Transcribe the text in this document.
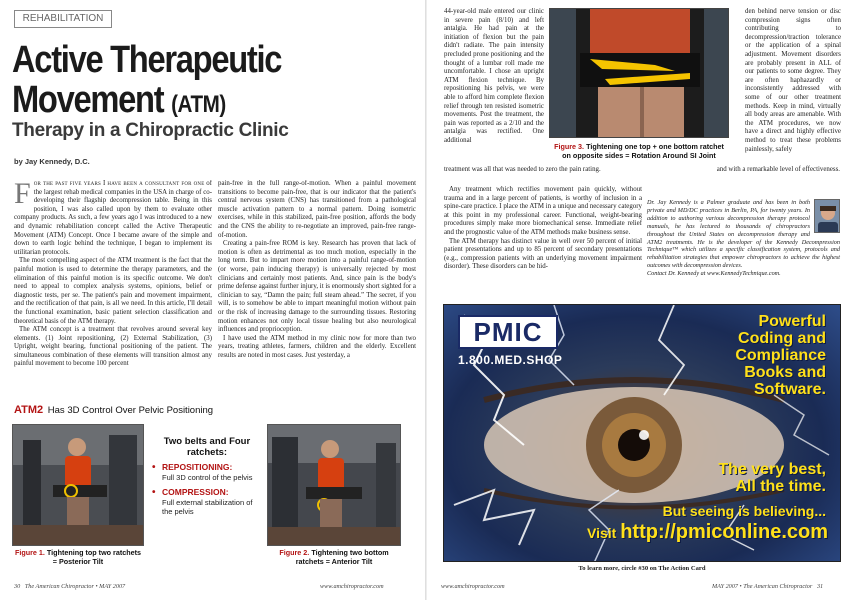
REHABILITATION
Active Therapeutic
Movement (ATM)
Therapy in a Chiropractic Clinic
by Jay Kennedy, D.C.

For the past five years I have been a consultant for one of the largest rehab medical companies in the USA in charge of co-developing their flagship decompression table. Being in this position, I was also called upon by them to evaluate other company products. As such, a few years ago I was introduced to a new and dynamic rehabilitation concept called the Active Therapeutic Movement (ATM) Concept. Once I became aware of the simple and down to earth logic behind the technique, I began to implement its utilitarian protocols.

The most compelling aspect of the ATM treatment is the fact that the painful motion is used to determine the therapy parameters, and the elimination of this painful motion is its specific outcome. We don't need to appeal to complex analysis systems, opinions, belief or diagnostic tests, per se. The patient's pain and movement impairment, and the rectification of that pain, is all we need. In this article, I'll detail the functional examination, basic patient selection classification and theoretical basis of the ATM therapy.

The ATM concept is a treatment that revolves around several key elements. (1) Joint repositioning, (2) External Stabilization, (3) Upright, weight bearing, functional positioning of the patient. The simultaneous combination of these elements will transition almost any painful movement to become 100 percent

pain-free in the full range-of-motion. When a painful movement transitions to become pain-free, that is our indicator that the patient's central nervous system (CNS) has transitioned from a pathological muscle activation pattern to a normal pattern. Doing isometric exercises, while in this stabilized, pain-free position, affords the body and the CNS the ability to re-negotiate an improved, pain-free range-of-motion.

Creating a pain-free ROM is key. Research has proven that lack of motion is often as detrimental as too much motion, especially in the long term. But to impart more motion into a painful range-of-motion (or worse, pain inducing therapy) is universally rejected by most clinicians and certainly most patients. And, since pain is the body's prime defense against further injury, it is enormously short sighted for a clinician to say, “Damn the pain; full steam ahead.” The secret, if you will, is to somehow be able to impart meaningful motion without pain or the risk of increasing damage to the surrounding tissues. Restoring motion enhances not only local tissue healing but also neurological influences and proprioception.

I have used the ATM method in my clinic now for more than two years, treating athletes, farmers, children and the elderly. Excellent results are noted in most cases. Just yesterday, a

ATM2 Has 3D Control Over Pelvic Positioning
Two belts and Four ratchets:
• REPOSITIONING:
Full 3D control of the pelvis
• COMPRESSION:
Full external stabilization of the pelvis
Figure 1. Tightening top two ratchets = Posterior Tilt
Figure 2. Tightening two bottom ratchets = Anterior Tilt
30 The American Chiropractor • MAY 2007	www.amchiropractor.com

44-year-old male entered our clinic in severe pain (8/10) and left antalgia. He had pain at the initiation of flexion but the pain didn't radiate. The pain intensity precluded prone positioning and the thought of a lumbar roll made me uncomfortable. I chose an upright ATM flexion technique. By repositioning his pelvis, we were able to afford him complete flexion relief through ten resisted isometric movements. Post the treatment, the pain was reported as a 2/10 and the antalgia was rectified. One additional

Figure 3. Tightening one top + one bottom ratchet on opposite sides = Rotation Around SI Joint

den behind nerve tension or disc compression signs often contributing to decompression/traction tolerance or the application of a spinal adjustment. Movement disorders are probably present in ALL of our patients to some degree. They are often haphazardly or inconsistently addressed with some of our other treatment methods. Keep in mind, virtually all body areas are amenable. With the ATM procedures, we now have a direct and highly effective method to treat these problems painlessly, safely

treatment was all that was needed to zero the pain rating.	and with a remarkable level of effectiveness.

Any treatment which rectifies movement pain quickly, without trauma and in a large percent of patients, is worthy of inclusion in a spine-care practice. I place the ATM in a unique and necessary category at this point in my professional career. Functional, weight-bearing procedures simply make more biomechanical sense. Immediate relief and the prognostic value of the ATM methods make business sense.

The ATM therapy has distinct value in well over 50 percent of initial patient presentations and up to 85 percent of secondary presentations (e.g., compression patients with an underlying movement impairment disorder). These disorders can be hid-

Dr. Jay Kennedy is a Palmer graduate and has been in both private and MD/DC practices in Berlin, PA, for twenty years. In addition to authoring various decompression therapy protocol manuals, he has lectured to thousands of chiropractors throughout the United States on decompression therapy and ATM2 treatments. He is the developer of the Kennedy Decompression Technique™ which utilizes a specific classification system, protocols and rehabilitation strategies that empower chiropractors to achieve the highest outcomes with decompression devices.

Contact Dr. Kennedy at www.KennedyTechnique.com.

PMIC
1.800.MED.SHOP
Powerful
Coding and
Compliance
Books and
Software.
The very best,
All the time.
But seeing is believing...
Visit http://pmiconline.com
To learn more, circle #30 on The Action Card
www.amchiropractor.com	MAY 2007 • The American Chiropractor 31
